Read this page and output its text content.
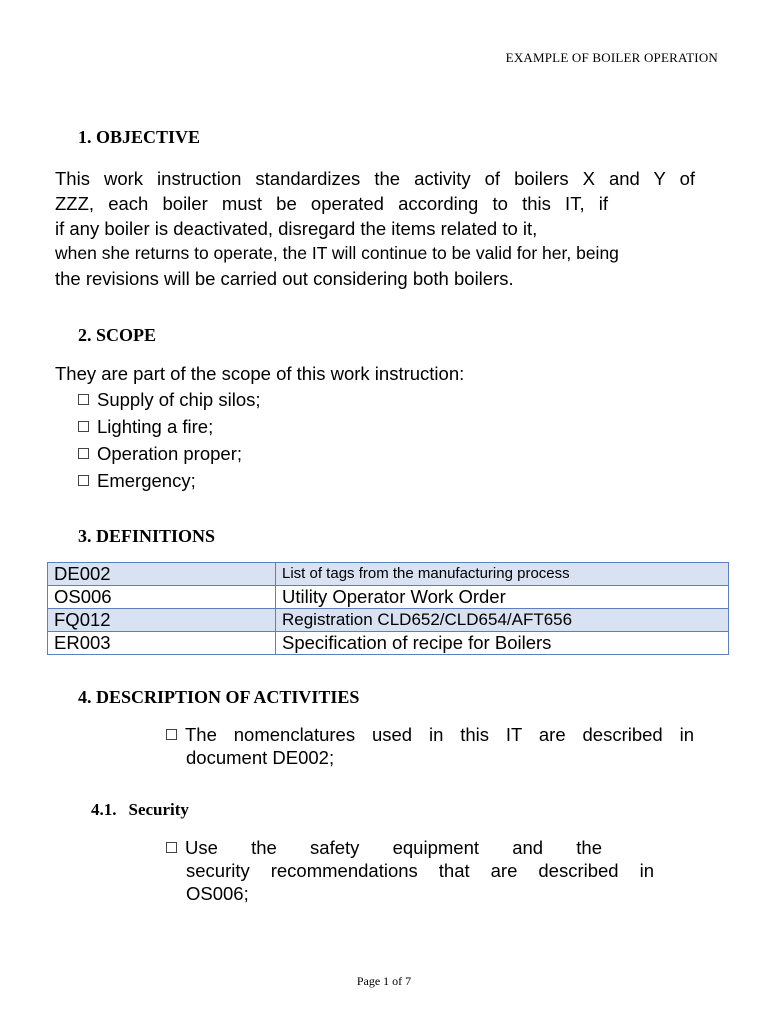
EXAMPLE OF BOILER OPERATION
1. OBJECTIVE
This work instruction standardizes the activity of boilers X and Y of
ZZZ, each boiler must be operated according to this IT, if
if any boiler is deactivated, disregard the items related to it,
when she returns to operate, the IT will continue to be valid for her, being
the revisions will be carried out considering both boilers.
2. SCOPE
They are part of the scope of this work instruction:
Supply of chip silos;
Lighting a fire;
Operation proper;
Emergency;
3. DEFINITIONS
DE002	List of tags from the manufacturing process
OS006	Utility Operator Work Order
FQ012	Registration CLD652/CLD654/AFT656
ER003	Specification of recipe for Boilers
4. DESCRIPTION OF ACTIVITIES
The nomenclatures used in this IT are described in
document DE002;
4.1. Security
Use the safety equipment and the
security recommendations that are described in
OS006;
Page 1 of 7
